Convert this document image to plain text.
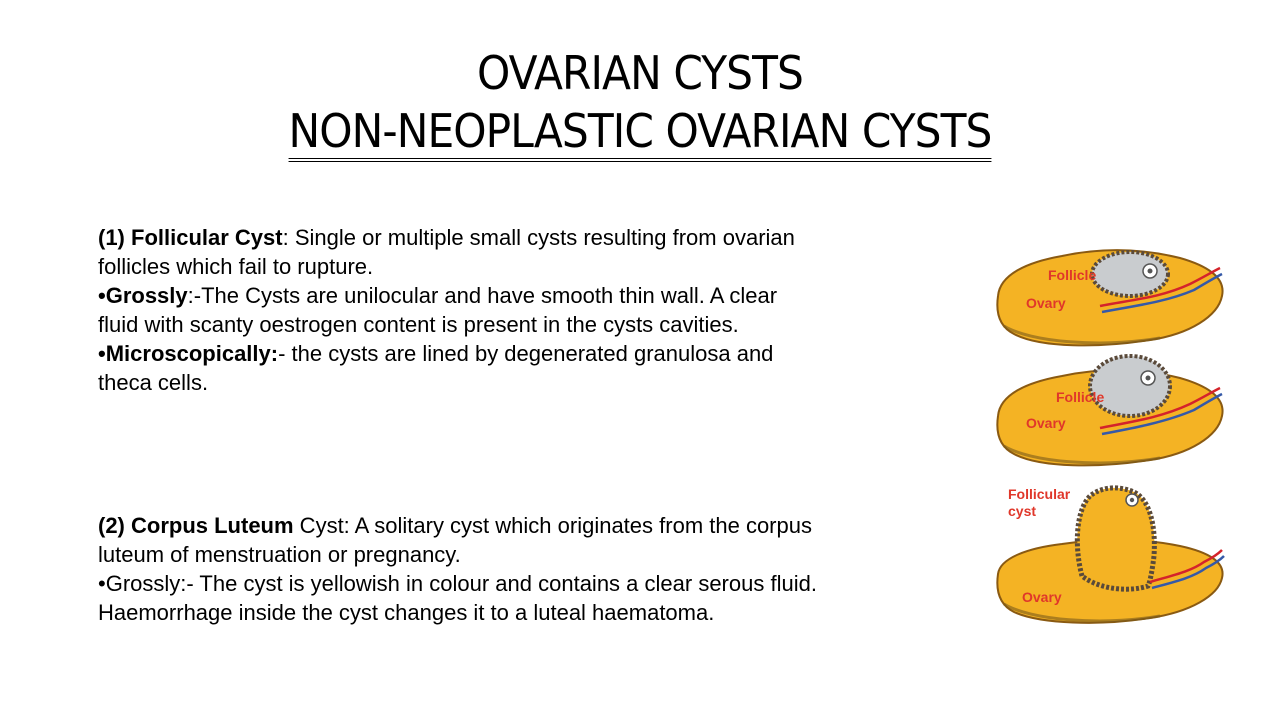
OVARIAN CYSTS
NON-NEOPLASTIC OVARIAN CYSTS

(1) Follicular Cyst: Single or multiple small cysts resulting from ovarian follicles which fail to rupture.

•Grossly:-The Cysts are unilocular and have smooth thin wall. A clear fluid with scanty oestrogen content is present in the cysts cavities.

•Microscopically:- the cysts are lined by degenerated granulosa and theca cells.

(2) Corpus Luteum Cyst: A solitary cyst which originates from the corpus luteum of menstruation or pregnancy.

•Grossly:- The cyst is yellowish in colour and contains a clear serous fluid. Haemorrhage inside the cyst changes it to a luteal haematoma.

Follicle
Ovary
Follicle
Ovary
Follicular
cyst
Ovary
